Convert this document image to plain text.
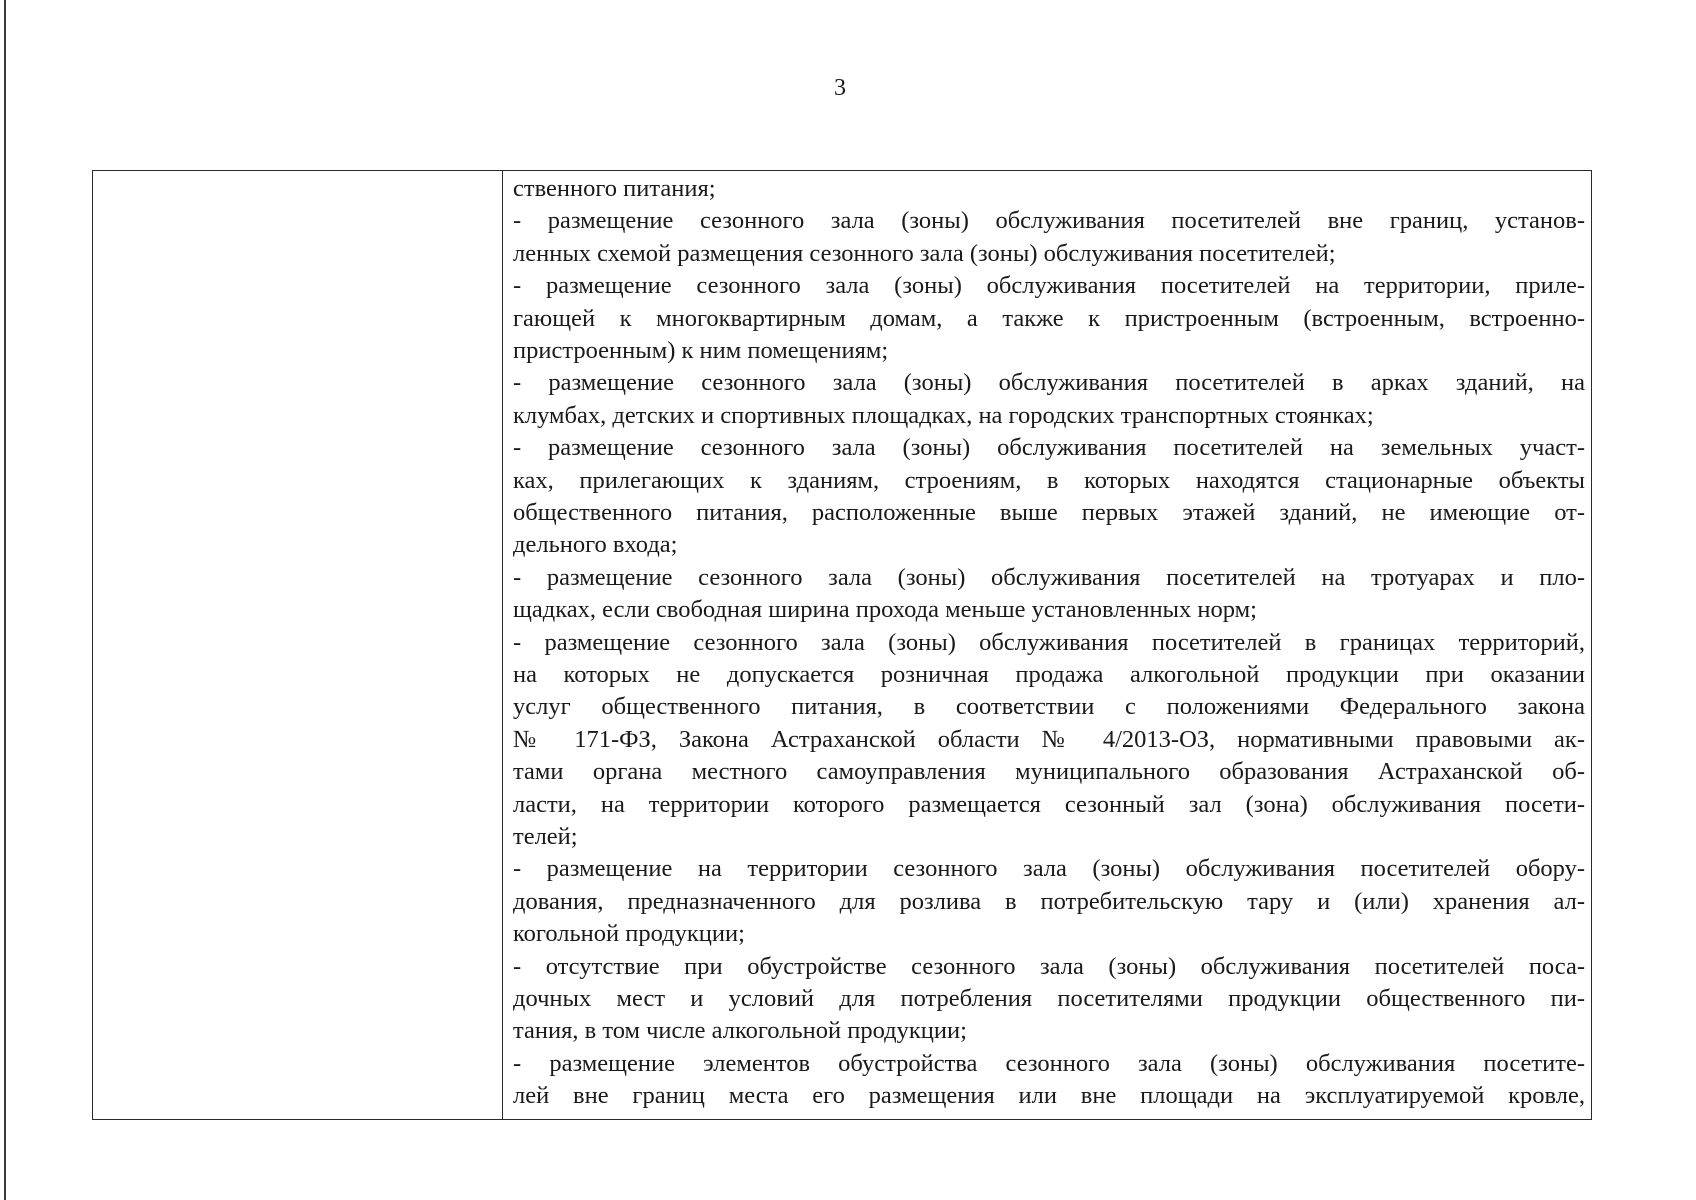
3
ственного питания;
- размещение сезонного зала (зоны) обслуживания посетителей вне границ, установ-
ленных схемой размещения сезонного зала (зоны) обслуживания посетителей;
- размещение сезонного зала (зоны) обслуживания посетителей на территории, приле-
гающей к многоквартирным домам, а также к пристроенным (встроенным, встроенно-
пристроенным) к ним помещениям;
- размещение сезонного зала (зоны) обслуживания посетителей в арках зданий, на
клумбах, детских и спортивных площадках, на городских транспортных стоянках;
- размещение сезонного зала (зоны) обслуживания посетителей на земельных участ-
ках, прилегающих к зданиям, строениям, в которых находятся стационарные объекты
общественного питания, расположенные выше первых этажей зданий, не имеющие от-
дельного входа;
- размещение сезонного зала (зоны) обслуживания посетителей на тротуарах и пло-
щадках, если свободная ширина прохода меньше установленных норм;
- размещение сезонного зала (зоны) обслуживания посетителей в границах территорий,
на которых не допускается розничная продажа алкогольной продукции при оказании
услуг общественного питания, в соответствии с положениями Федерального закона
№ 171-ФЗ, Закона Астраханской области № 4/2013-ОЗ, нормативными правовыми ак-
тами органа местного самоуправления муниципального образования Астраханской об-
ласти, на территории которого размещается сезонный зал (зона) обслуживания посети-
телей;
- размещение на территории сезонного зала (зоны) обслуживания посетителей обору-
дования, предназначенного для розлива в потребительскую тару и (или) хранения ал-
когольной продукции;
- отсутствие при обустройстве сезонного зала (зоны) обслуживания посетителей поса-
дочных мест и условий для потребления посетителями продукции общественного пи-
тания, в том числе алкогольной продукции;
- размещение элементов обустройства сезонного зала (зоны) обслуживания посетите-
лей вне границ места его размещения или вне площади на эксплуатируемой кровле,
